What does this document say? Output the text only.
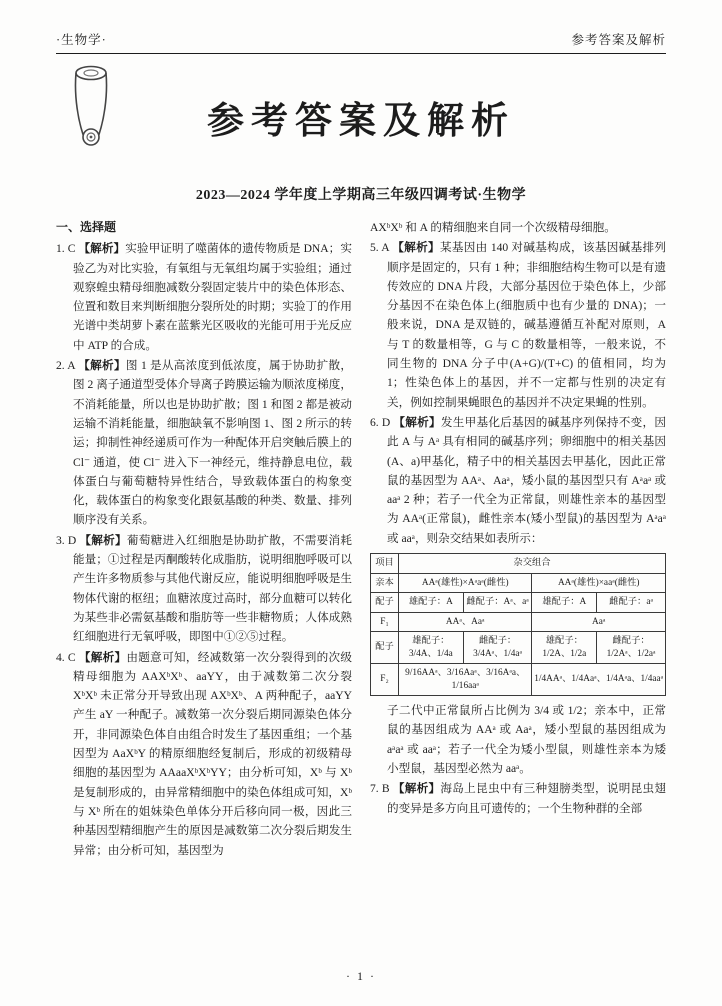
·生物学·	参考答案及解析
参考答案及解析
2023—2024 学年度上学期高三年级四调考试·生物学
一、选择题

1. C 【解析】实验甲证明了噬菌体的遗传物质是 DNA；实验乙为对比实验，有氧组与无氧组均属于实验组；通过观察蝗虫精母细胞减数分裂固定装片中的染色体形态、位置和数目来判断细胞分裂所处的时期；实验丁的作用光谱中类胡萝卜素在蓝紫光区吸收的光能可用于光反应中 ATP 的合成。

2. A 【解析】图 1 是从高浓度到低浓度，属于协助扩散，图 2 离子通道型受体介导离子跨膜运输为顺浓度梯度，不消耗能量，所以也是协助扩散；图 1 和图 2 都是被动运输不消耗能量，细胞缺氧不影响图 1、图 2 所示的转运；抑制性神经递质可作为一种配体开启突触后膜上的 Cl⁻ 通道，使 Cl⁻ 进入下一神经元，维持静息电位，载体蛋白与葡萄糖特异性结合，导致载体蛋白的构象变化，载体蛋白的构象变化跟氨基酸的种类、数量、排列顺序没有关系。

3. D 【解析】葡萄糖进入红细胞是协助扩散，不需要消耗能量；①过程是丙酮酸转化成脂肪，说明细胞呼吸可以产生许多物质参与其他代谢反应，能说明细胞呼吸是生物体代谢的枢纽；血糖浓度过高时，部分血糖可以转化为某些非必需氨基酸和脂肪等一些非糖物质；人体成熟红细胞进行无氧呼吸，即图中①②⑤过程。

4. C 【解析】由题意可知，经减数第一次分裂得到的次级精母细胞为 AAXᵇXᵇ、aaYY，由于减数第二次分裂 XᵇXᵇ 未正常分开导致出现 AXᵇXᵇ、A 两种配子，aaYY 产生 aY 一种配子。减数第一次分裂后期同源染色体分开，非同源染色体自由组合时发生了基因重组；一个基因型为 AaXᵇY 的精原细胞经复制后，形成的初级精母细胞的基因型为 AAaaXᵇXᵇYY；由分析可知，Xᵇ 与 Xᵇ 是复制形成的，由异常精细胞中的染色体组成可知，Xᵇ 与 Xᵇ 所在的姐妹染色单体分开后移向同一极，因此三种基因型精细胞产生的原因是减数第二次分裂后期发生异常；由分析可知，基因型为

AXᵇXᵇ 和 A 的精细胞来自同一个次级精母细胞。

5. A 【解析】某基因由 140 对碱基构成，该基因碱基排列顺序是固定的，只有 1 种；非细胞结构生物可以是有遗传效应的 DNA 片段，大部分基因位于染色体上，少部分基因不在染色体上(细胞质中也有少量的 DNA)；一般来说，DNA 是双链的，碱基遵循互补配对原则，A 与 T 的数量相等，G 与 C 的数量相等，一般来说，不同生物的 DNA 分子中(A+G)/(T+C) 的值相同，均为 1；性染色体上的基因，并不一定都与性别的决定有关，例如控制果蝇眼色的基因并不决定果蝇的性别。

6. D 【解析】发生甲基化后基因的碱基序列保持不变，因此 A 与 Aᵃ 具有相同的碱基序列；卵细胞中的相关基因(A、a)甲基化，精子中的相关基因去甲基化，因此正常鼠的基因型为 AAᵃ、Aaᵃ，矮小鼠的基因型只有 Aᵃaᵃ 或 aaᵃ 2 种；若子一代全为正常鼠，则雄性亲本的基因型为 AAᵃ(正常鼠)，雌性亲本(矮小型鼠)的基因型为 Aᵃaᵃ 或 aaᵃ，则杂交结果如表所示：

项目	杂交组合			
亲本	AAᵃ(雄性)×Aᵃaᵃ(雌性)		AAᵃ(雄性)×aaᵃ(雌性)	
配子	雄配子：A	雌配子：Aᵃ、aᵃ	雄配子：A	雌配子：aᵃ
F₁	AAᵃ、Aaᵃ		Aaᵃ	
配子	雄配子：3/4A、1/4a	雌配子：3/4Aᵃ、1/4aᵃ	雄配子：1/2A、1/2a	雌配子：1/2Aᵃ、1/2aᵃ
F₂	9/16AAᵃ、3/16Aaᵃ、3/16Aᵃa、1/16aaᵃ		1/4AAᵃ、1/4Aaᵃ、1/4Aᵃa、1/4aaᵃ	

子二代中正常鼠所占比例为 3/4 或 1/2；亲本中，正常鼠的基因组成为 AAᵃ 或 Aaᵃ，矮小型鼠的基因组成为 aᵃaᵃ 或 aaᵃ；若子一代全为矮小型鼠，则雄性亲本为矮小型鼠，基因型必然为 aaᵃ。

7. B 【解析】海岛上昆虫中有三种翅膀类型，说明昆虫翅的变异是多方向且可遗传的；一个生物种群的全部

· 1 ·
